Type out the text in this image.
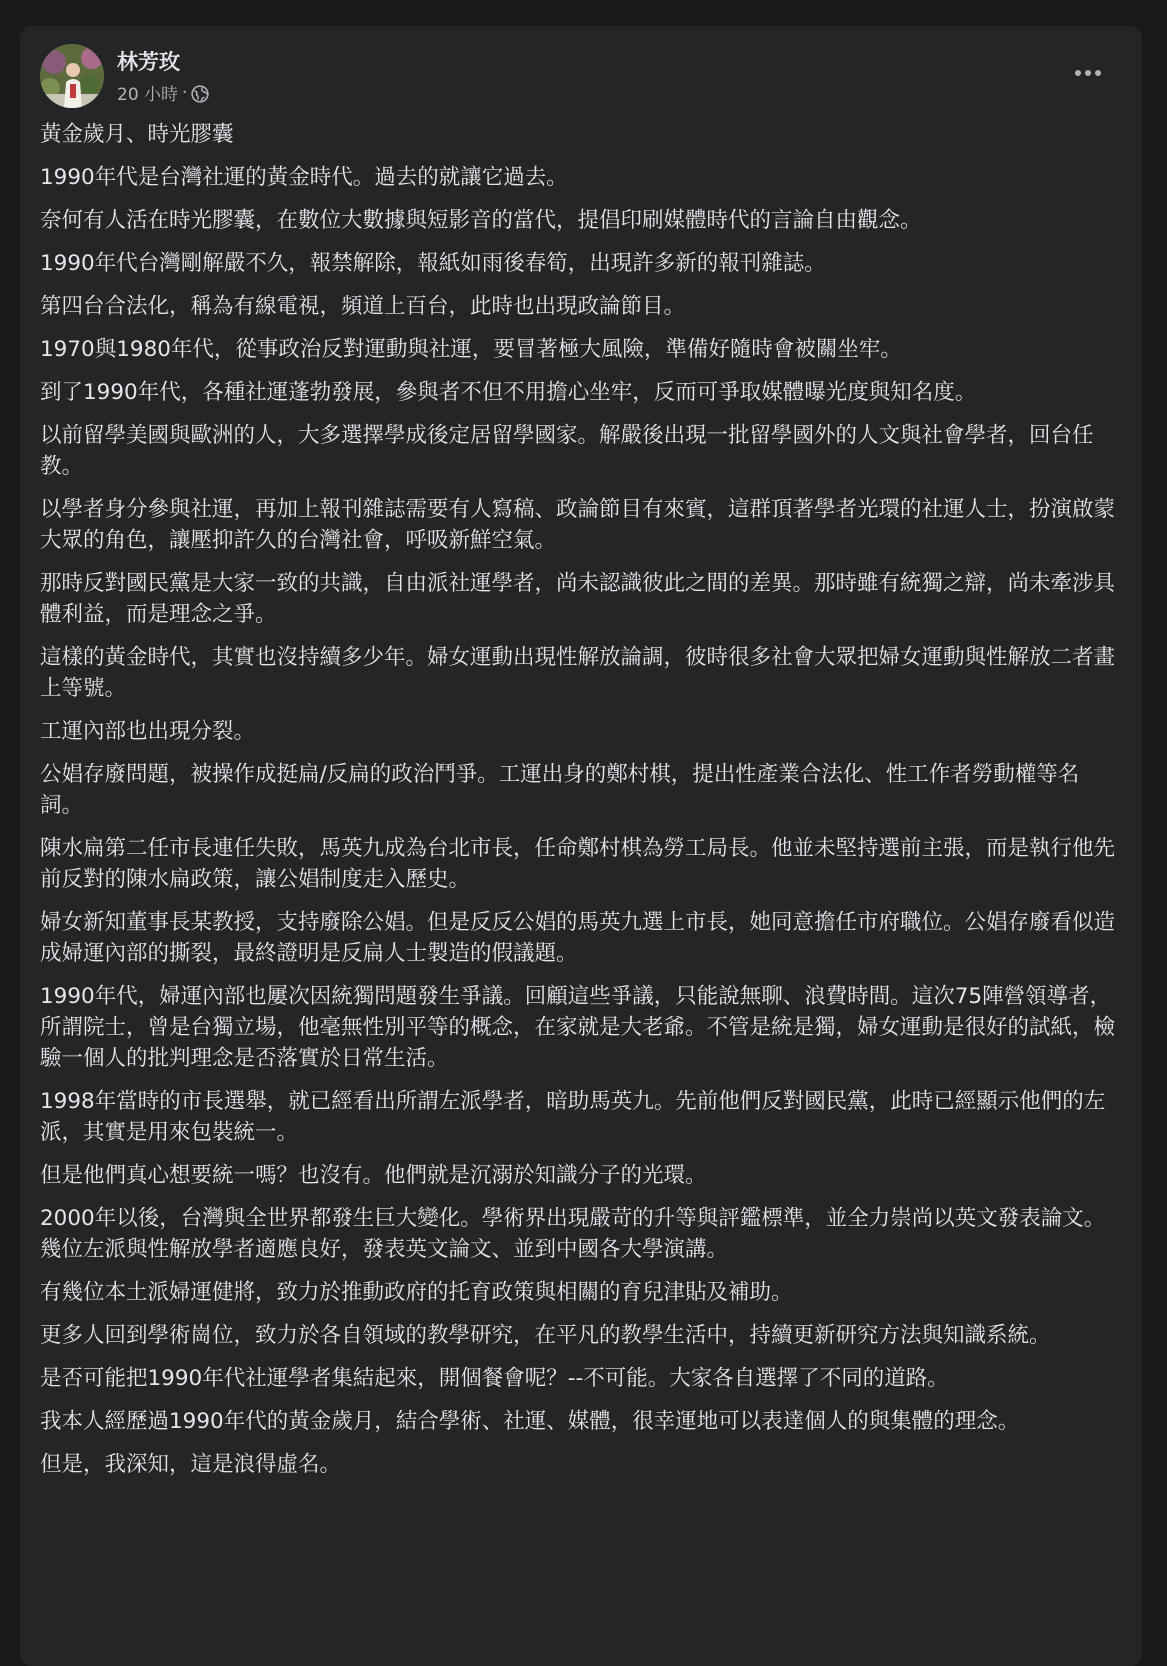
林芳玫
20 小時 ·

黃金歲月、時光膠囊

1990年代是台灣社運的黃金時代。過去的就讓它過去。

奈何有人活在時光膠囊，在數位大數據與短影音的當代，提倡印刷媒體時代的言論自由觀念。

1990年代台灣剛解嚴不久，報禁解除，報紙如雨後春筍，出現許多新的報刊雜誌。

第四台合法化，稱為有線電視，頻道上百台，此時也出現政論節目。

1970與1980年代，從事政治反對運動與社運，要冒著極大風險，準備好隨時會被關坐牢。

到了1990年代，各種社運蓬勃發展，參與者不但不用擔心坐牢，反而可爭取媒體曝光度與知名度。

以前留學美國與歐洲的人，大多選擇學成後定居留學國家。解嚴後出現一批留學國外的人文與社會學者，回台任教。

以學者身分參與社運，再加上報刊雜誌需要有人寫稿、政論節目有來賓，這群頂著學者光環的社運人士，扮演啟蒙大眾的角色，讓壓抑許久的台灣社會，呼吸新鮮空氣。

那時反對國民黨是大家一致的共識，自由派社運學者，尚未認識彼此之間的差異。那時雖有統獨之辯，尚未牽涉具體利益，而是理念之爭。

這樣的黃金時代，其實也沒持續多少年。婦女運動出現性解放論調，彼時很多社會大眾把婦女運動與性解放二者畫上等號。

工運內部也出現分裂。

公娼存廢問題，被操作成挺扁/反扁的政治鬥爭。工運出身的鄭村棋，提出性產業合法化、性工作者勞動權等名詞。

陳水扁第二任市長連任失敗，馬英九成為台北市長，任命鄭村棋為勞工局長。他並未堅持選前主張，而是執行他先前反對的陳水扁政策，讓公娼制度走入歷史。

婦女新知董事長某教授，支持廢除公娼。但是反反公娼的馬英九選上市長，她同意擔任市府職位。公娼存廢看似造成婦運內部的撕裂，最終證明是反扁人士製造的假議題。

1990年代，婦運內部也屢次因統獨問題發生爭議。回顧這些爭議，只能說無聊、浪費時間。這次75陣營領導者，所謂院士，曾是台獨立場，他毫無性別平等的概念，在家就是大老爺。不管是統是獨，婦女運動是很好的試紙，檢驗一個人的批判理念是否落實於日常生活。

1998年當時的市長選舉，就已經看出所謂左派學者，暗助馬英九。先前他們反對國民黨，此時已經顯示他們的左派，其實是用來包裝統一。

但是他們真心想要統一嗎？也沒有。他們就是沉溺於知識分子的光環。

2000年以後，台灣與全世界都發生巨大變化。學術界出現嚴苛的升等與評鑑標準，並全力崇尚以英文發表論文。幾位左派與性解放學者適應良好，發表英文論文、並到中國各大學演講。

有幾位本土派婦運健將，致力於推動政府的托育政策與相關的育兒津貼及補助。

更多人回到學術崗位，致力於各自領域的教學研究，在平凡的教學生活中，持續更新研究方法與知識系統。

是否可能把1990年代社運學者集結起來，開個餐會呢？--不可能。大家各自選擇了不同的道路。

我本人經歷過1990年代的黃金歲月，結合學術、社運、媒體，很幸運地可以表達個人的與集體的理念。

但是，我深知，這是浪得虛名。
